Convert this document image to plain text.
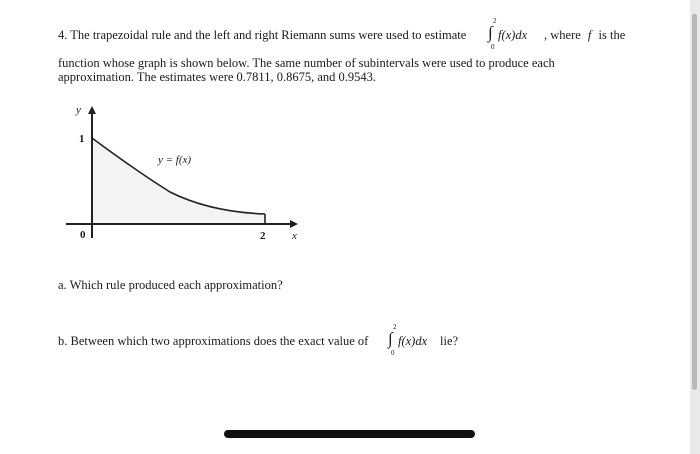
4. The trapezoidal rule and the left and right Riemann sums were used to estimate
2
∫
0
f(x)dx , where f is the
function whose graph is shown below. The same number of subintervals were used to produce each
approximation. The estimates were 0.7811, 0.8675, and 0.9543.
y
1
0	2 x
y = f(x)
a. Which rule produced each approximation?
b. Between which two approximations does the exact value of
2
∫
0
f(x)dx lie?
